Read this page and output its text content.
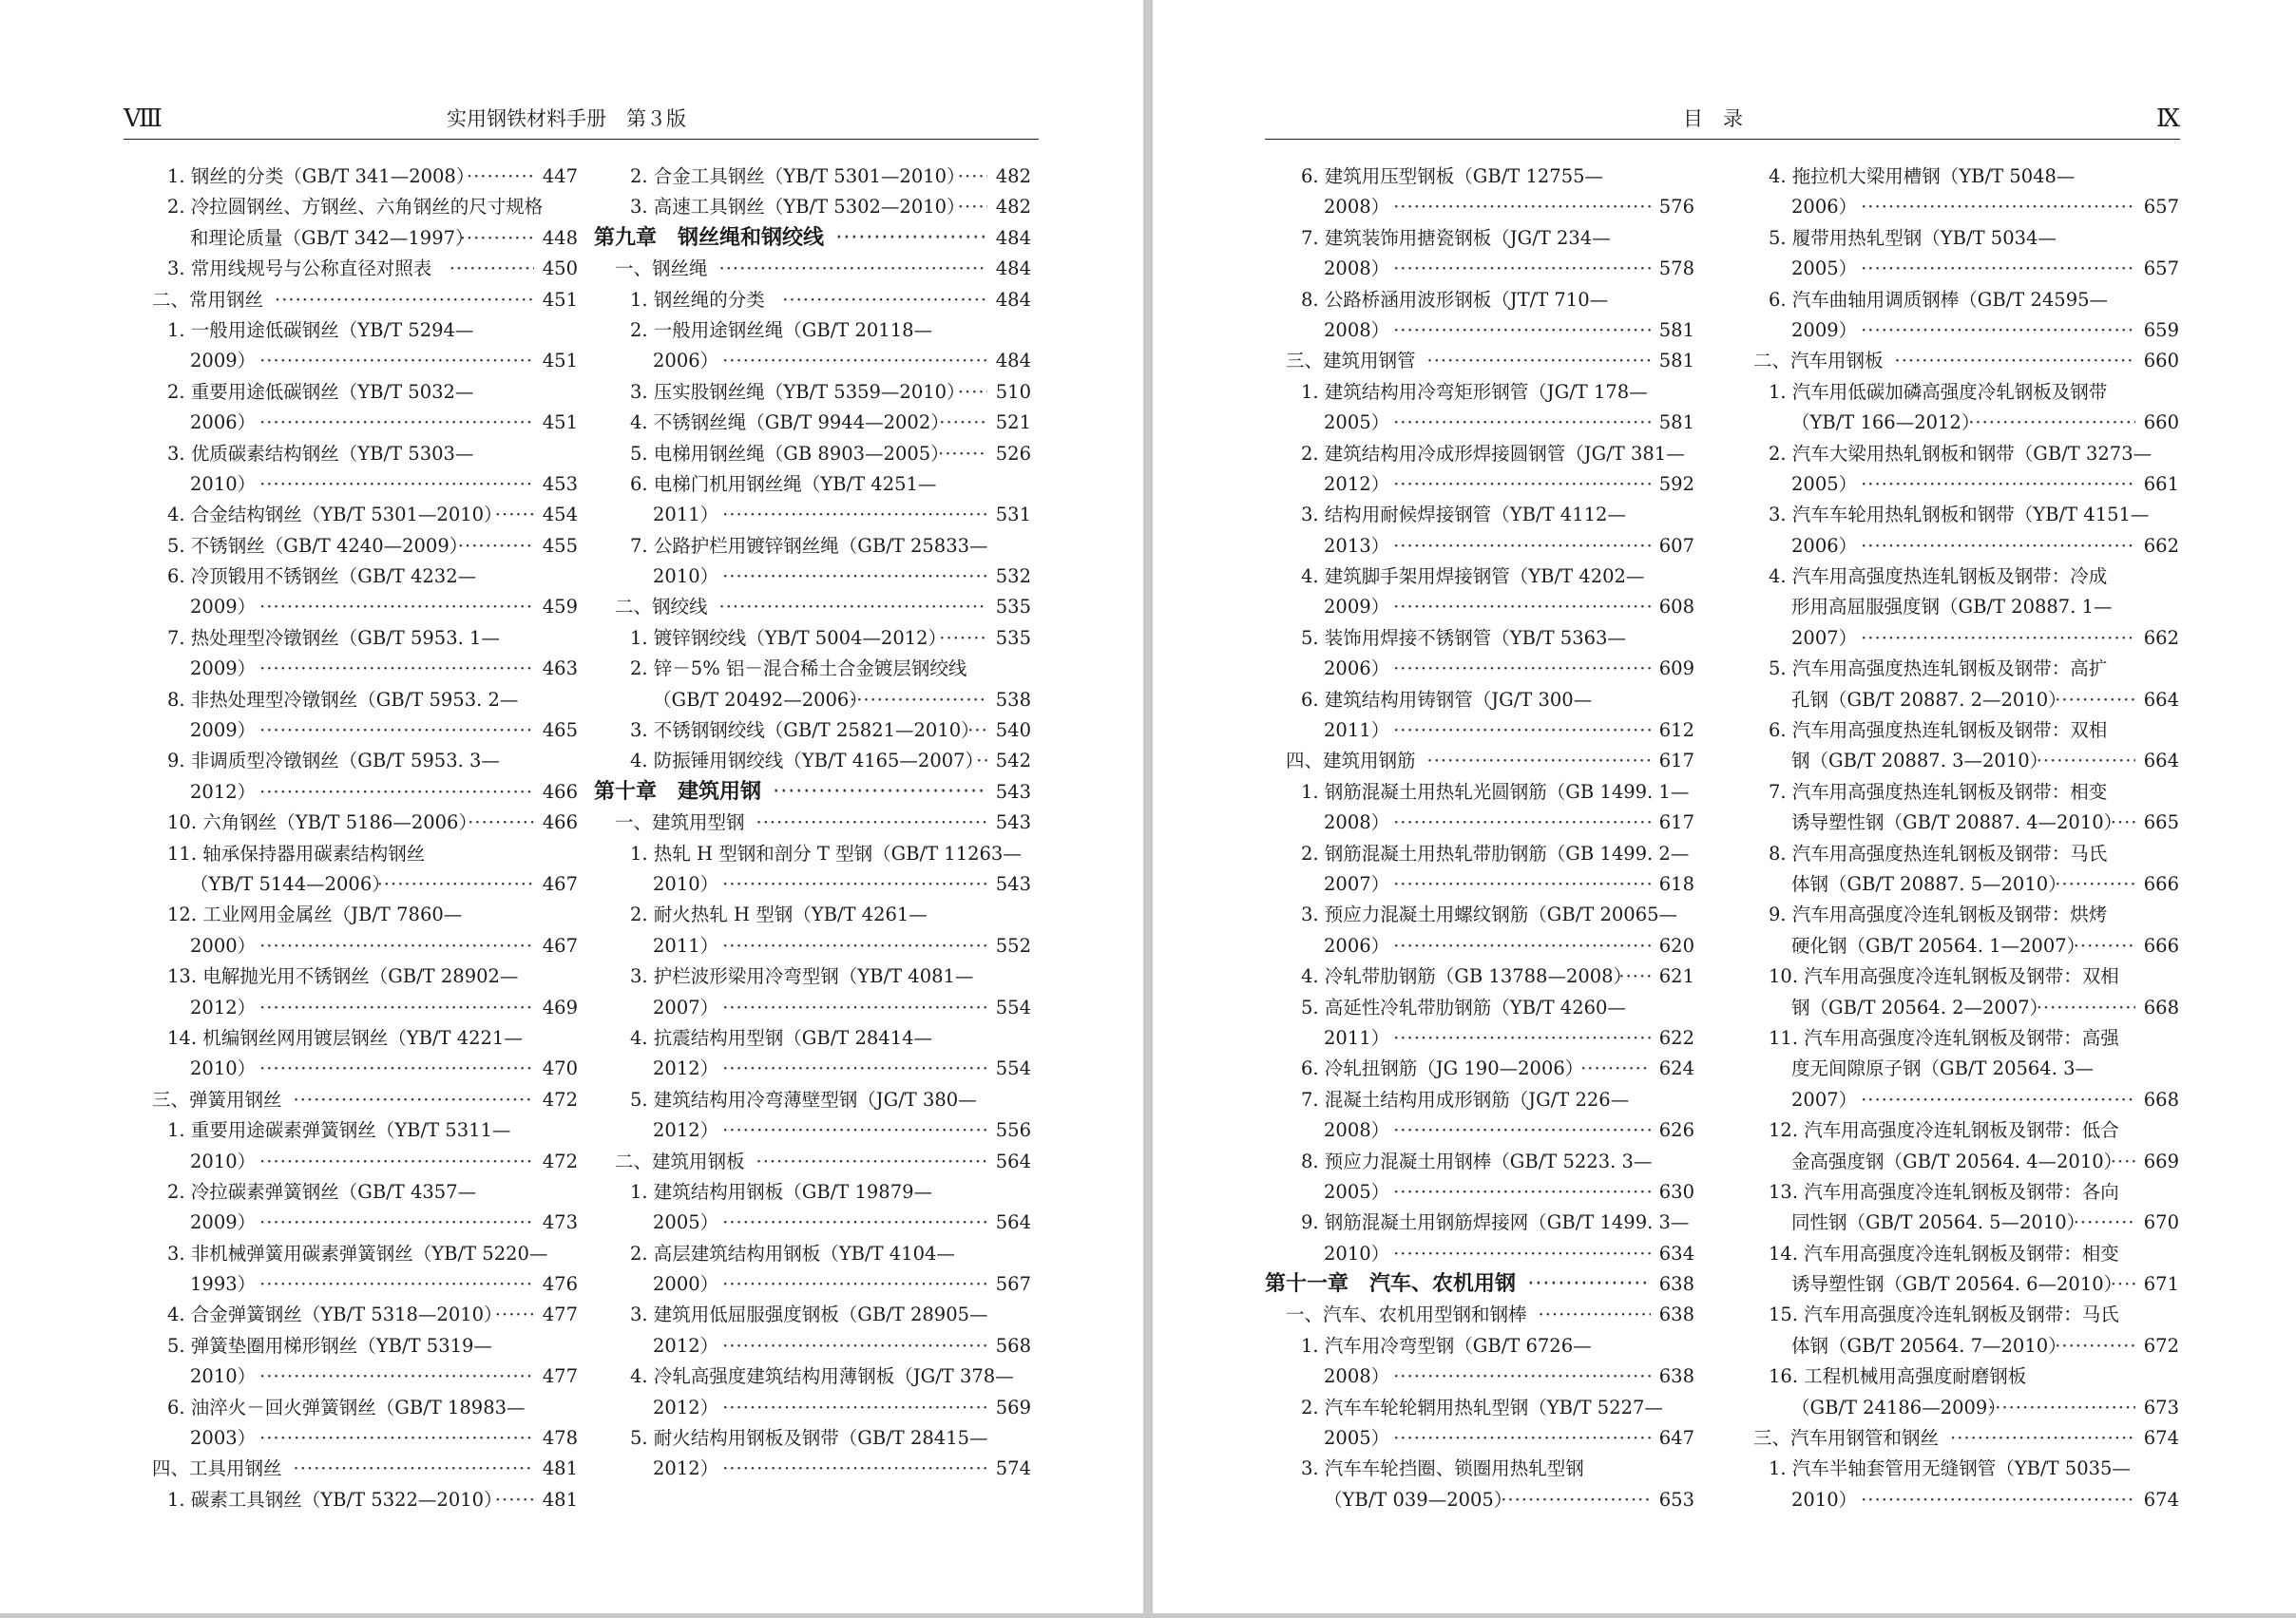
Ⅷ	实用钢铁材料手册　第３版
1. 钢丝的分类（GB/T 341—2008） ·····	447
2. 冷拉圆钢丝、方钢丝、六角钢丝的尺寸规格
和理论质量（GB/T 342—1997） ·····	448
3. 常用线规号与公称直径对照表 ·····	450
二、常用钢丝 ·····	451
1. 一般用途低碳钢丝（YB/T 5294—
2009） ·····	451
2. 重要用途低碳钢丝（YB/T 5032—
2006） ·····	451
3. 优质碳素结构钢丝（YB/T 5303—
2010） ·····	453
4. 合金结构钢丝（YB/T 5301—2010） ····· 454
5. 不锈钢丝（GB/T 4240—2009） ·····	455
6. 冷顶锻用不锈钢丝（GB/T 4232—
2009） ·····	459
7. 热处理型冷镦钢丝（GB/T 5953. 1—
2009） ·····	463
8. 非热处理型冷镦钢丝（GB/T 5953. 2—
2009） ·····	465
9. 非调质型冷镦钢丝（GB/T 5953. 3—
2012） ·····	466
10. 六角钢丝（YB/T 5186—2006） ·····	466
11. 轴承保持器用碳素结构钢丝
（YB/T 5144—2006） ·····	467
12. 工业网用金属丝（JB/T 7860—
2000） ·····	467
13. 电解抛光用不锈钢丝（GB/T 28902—
2012） ·····	469
14. 机编钢丝网用镀层钢丝（YB/T 4221—
2010） ·····	470
三、弹簧用钢丝 ·····	472
1. 重要用途碳素弹簧钢丝（YB/T 5311—
2010） ·····	472
2. 冷拉碳素弹簧钢丝（GB/T 4357—
2009） ·····	473
3. 非机械弹簧用碳素弹簧钢丝（YB/T 5220—
1993） ·····	476
4. 合金弹簧钢丝（YB/T 5318—2010） ····· 477
5. 弹簧垫圈用梯形钢丝（YB/T 5319—
2010） ·····	477
6. 油淬火－回火弹簧钢丝（GB/T 18983—
2003） ·····	478
四、工具用钢丝 ·····	481
1. 碳素工具钢丝（YB/T 5322—2010） ····· 481
2. 合金工具钢丝（YB/T 5301—2010） ····· 482
3. 高速工具钢丝（YB/T 5302—2010） ····· 482
第九章　钢丝绳和钢绞线 ·····	484
一、钢丝绳 ·····	484
1. 钢丝绳的分类 ·····	484
2. 一般用途钢丝绳（GB/T 20118—
2006） ·····	484
3. 压实股钢丝绳（YB/T 5359—2010） ····· 510
4. 不锈钢丝绳（GB/T 9944—2002） ·····	521
5. 电梯用钢丝绳（GB 8903—2005） ·····	526
6. 电梯门机用钢丝绳（YB/T 4251—
2011） ·····	531
7. 公路护栏用镀锌钢丝绳（GB/T 25833—
2010） ·····	532
二、钢绞线 ·····	535
1. 镀锌钢绞线（YB/T 5004—2012） ·····	535
2. 锌－5% 铝－混合稀土合金镀层钢绞线
（GB/T 20492—2006） ·····	538
3. 不锈钢钢绞线（GB/T 25821—2010） ····· 540
4. 防振锤用钢绞线（YB/T 4165—2007） ····· 542
第十章　建筑用钢 ·····	543
一、建筑用型钢 ·····	543
1. 热轧 H 型钢和剖分 T 型钢（GB/T 11263—
2010） ·····	543
2. 耐火热轧 H 型钢（YB/T 4261—
2011） ·····	552
3. 护栏波形梁用冷弯型钢（YB/T 4081—
2007） ·····	554
4. 抗震结构用型钢（GB/T 28414—
2012） ·····	554
5. 建筑结构用冷弯薄壁型钢（JG/T 380—
2012） ·····	556
二、建筑用钢板 ·····	564
1. 建筑结构用钢板（GB/T 19879—
2005） ·····	564
2. 高层建筑结构用钢板（YB/T 4104—
2000） ·····	567
3. 建筑用低屈服强度钢板（GB/T 28905—
2012） ·····	568
4. 冷轧高强度建筑结构用薄钢板（JG/T 378—
2012） ·····	569
5. 耐火结构用钢板及钢带（GB/T 28415—
2012） ·····	574
目　录	Ⅸ
6. 建筑用压型钢板（GB/T 12755—
2008） ·····	576
7. 建筑装饰用搪瓷钢板（JG/T 234—
2008） ·····	578
8. 公路桥涵用波形钢板（JT/T 710—
2008） ·····	581
三、建筑用钢管 ·····	581
1. 建筑结构用冷弯矩形钢管（JG/T 178—
2005） ·····	581
2. 建筑结构用冷成形焊接圆钢管（JG/T 381—
2012） ·····	592
3. 结构用耐候焊接钢管（YB/T 4112—
2013） ·····	607
4. 建筑脚手架用焊接钢管（YB/T 4202—
2009） ·····	608
5. 装饰用焊接不锈钢管（YB/T 5363—
2006） ·····	609
6. 建筑结构用铸钢管（JG/T 300—
2011） ·····	612
四、建筑用钢筋 ·····	617
1. 钢筋混凝土用热轧光圆钢筋（GB 1499. 1—
2008） ·····	617
2. 钢筋混凝土用热轧带肋钢筋（GB 1499. 2—
2007） ·····	618
3. 预应力混凝土用螺纹钢筋（GB/T 20065—
2006） ·····	620
4. 冷轧带肋钢筋（GB 13788—2008） ····· 621
5. 高延性冷轧带肋钢筋（YB/T 4260—
2011） ·····	622
6. 冷轧扭钢筋（JG 190—2006） ·····	624
7. 混凝土结构用成形钢筋（JG/T 226—
2008） ·····	626
8. 预应力混凝土用钢棒（GB/T 5223. 3—
2005） ·····	630
9. 钢筋混凝土用钢筋焊接网（GB/T 1499. 3—
2010） ·····	634
第十一章　汽车、农机用钢 ·····	638
一、汽车、农机用型钢和钢棒 ·····	638
1. 汽车用冷弯型钢（GB/T 6726—
2008） ·····	638
2. 汽车车轮轮辋用热轧型钢（YB/T 5227—
2005） ·····	647
3. 汽车车轮挡圈、锁圈用热轧型钢
（YB/T 039—2005） ·····	653
4. 拖拉机大梁用槽钢（YB/T 5048—
2006） ·····	657
5. 履带用热轧型钢（YB/T 5034—
2005） ·····	657
6. 汽车曲轴用调质钢棒（GB/T 24595—
2009） ·····	659
二、汽车用钢板 ·····	660
1. 汽车用低碳加磷高强度冷轧钢板及钢带
（YB/T 166—2012） ·····	660
2. 汽车大梁用热轧钢板和钢带（GB/T 3273—
2005） ·····	661
3. 汽车车轮用热轧钢板和钢带（YB/T 4151—
2006） ·····	662
4. 汽车用高强度热连轧钢板及钢带：冷成
形用高屈服强度钢（GB/T 20887. 1—
2007） ·····	662
5. 汽车用高强度热连轧钢板及钢带：高扩
孔钢（GB/T 20887. 2—2010） ·····	664
6. 汽车用高强度热连轧钢板及钢带：双相
钢（GB/T 20887. 3—2010） ·····	664
7. 汽车用高强度热连轧钢板及钢带：相变
诱导塑性钢（GB/T 20887. 4—2010） ····· 665
8. 汽车用高强度热连轧钢板及钢带：马氏
体钢（GB/T 20887. 5—2010） ·····	666
9. 汽车用高强度冷连轧钢板及钢带：烘烤
硬化钢（GB/T 20564. 1—2007） ·····	666
10. 汽车用高强度冷连轧钢板及钢带：双相
钢（GB/T 20564. 2—2007） ·····	668
11. 汽车用高强度冷连轧钢板及钢带：高强
度无间隙原子钢（GB/T 20564. 3—
2007） ·····	668
12. 汽车用高强度冷连轧钢板及钢带：低合
金高强度钢（GB/T 20564. 4—2010） ····· 669
13. 汽车用高强度冷连轧钢板及钢带：各向
同性钢（GB/T 20564. 5—2010） ·····	670
14. 汽车用高强度冷连轧钢板及钢带：相变
诱导塑性钢（GB/T 20564. 6—2010） ····· 671
15. 汽车用高强度冷连轧钢板及钢带：马氏
体钢（GB/T 20564. 7—2010） ·····	672
16. 工程机械用高强度耐磨钢板
（GB/T 24186—2009） ·····	673
三、汽车用钢管和钢丝 ·····	674
1. 汽车半轴套管用无缝钢管（YB/T 5035—
2010） ·····	674
